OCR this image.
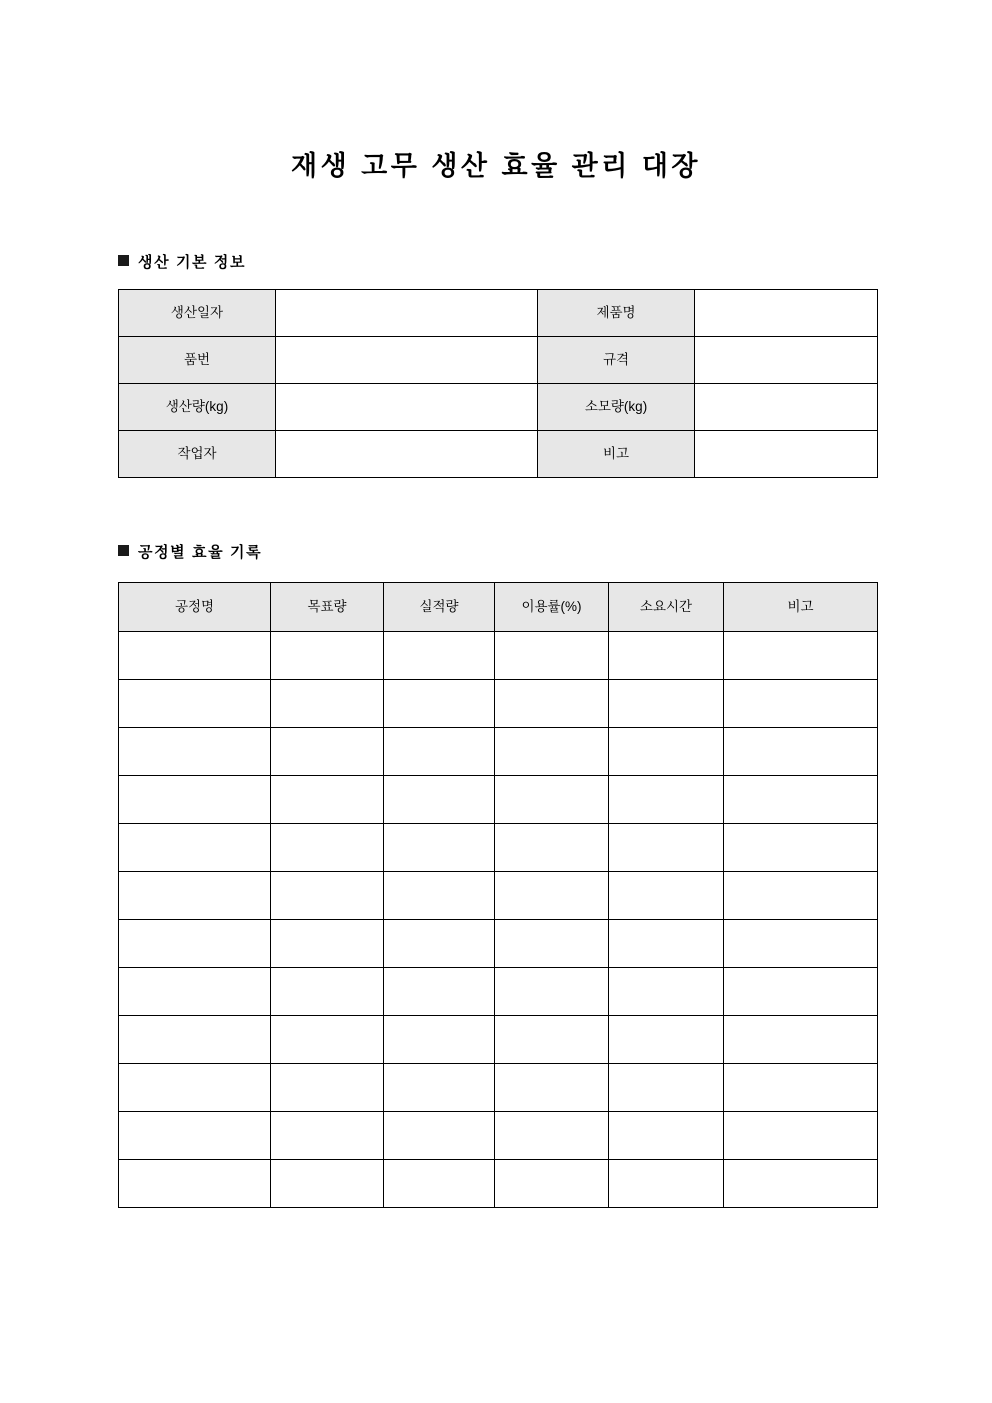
재생 고무 생산 효율 관리 대장
생산 기본 정보
생산일자		제품명	
품번		규격	
생산량(kg)		소모량(kg)	
작업자		비고	
공정별 효율 기록
공정명	목표량	실적량	이용률(%)	소요시간	비고
